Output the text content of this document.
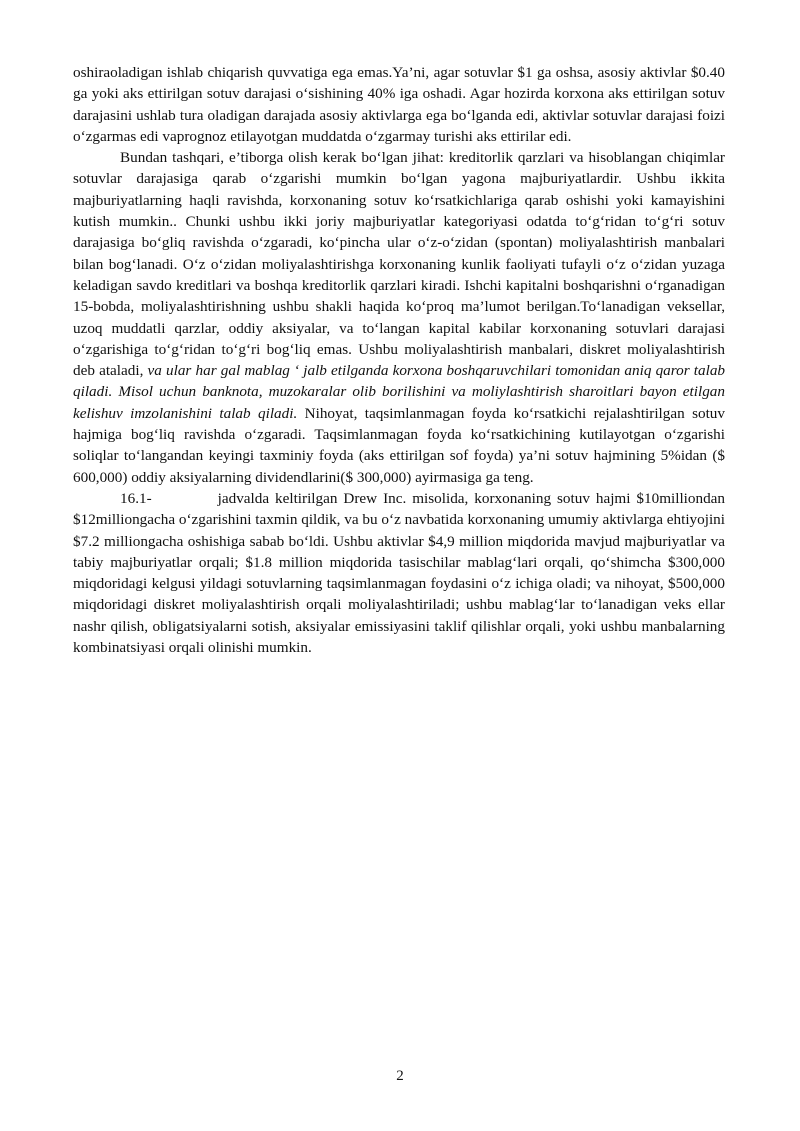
oshiraoladigan ishlab chiqarish quvvatiga ega emas.Ya’ni, agar sotuvlar $1 ga oshsa, asosiy aktivlar $0.40 ga yoki aks ettirilgan sotuv darajasi o‘sishining 40% iga oshadi. Agar hozirda korxona aks ettirilgan sotuv darajasini ushlab tura oladigan darajada asosiy aktivlarga ega bo‘lganda edi, aktivlar sotuvlar darajasi foizi o‘zgarmas edi vaprognoz etilayotgan muddatda o‘zgarmay turishi aks ettirilar edi.

Bundan tashqari, e’tiborga olish kerak bo‘lgan jihat: kreditorlik qarzlari va hisoblangan chiqimlar sotuvlar darajasiga qarab o‘zgarishi mumkin bo‘lgan yagona majburiyatlardir. Ushbu ikkita majburiyatlarning haqli ravishda, korxonaning sotuv ko‘rsatkichlariga qarab oshishi yoki kamayishini kutish mumkin.. Chunki ushbu ikki joriy majburiyatlar kategoriyasi odatda to‘g‘ridan to‘g‘ri sotuv darajasiga bo‘gliq ravishda o‘zgaradi, ko‘pincha ular o‘z-o‘zidan (spontan) moliyalashtirish manbalari bilan bog‘lanadi. O‘z o‘zidan moliyalashtirishga korxonaning kunlik faoliyati tufayli o‘z o‘zidan yuzaga keladigan savdo kreditlari va boshqa kreditorlik qarzlari kiradi. Ishchi kapitalni boshqarishni o‘rganadigan 15-bobda, moliyalashtirishning ushbu shakli haqida ko‘proq ma’lumot berilgan.To‘lanadigan veksellar, uzoq muddatli qarzlar, oddiy aksiyalar, va to‘langan kapital kabilar korxonaning sotuvlari darajasi o‘zgarishiga to‘g‘ridan to‘g‘ri bog‘liq emas. Ushbu moliyalashtirish manbalari, diskret moliyalashtirish deb ataladi, va ular har gal mablag ‘ jalb etilganda korxona boshqaruvchilari tomonidan aniq qaror talab qiladi. Misol uchun banknota, muzokaralar olib borilishini va moliylashtirish sharoitlari bayon etilgan kelishuv imzolanishini talab qiladi. Nihoyat, taqsimlanmagan foyda ko‘rsatkichi rejalashtirilgan sotuv hajmiga bog‘liq ravishda o‘zgaradi. Taqsimlanmagan foyda ko‘rsatkichining kutilayotgan o‘zgarishi soliqlar to‘langandan keyingi taxminiy foyda (aks ettirilgan sof foyda) ya’ni sotuv hajmining 5%idan ($ 600,000) oddiy aksiyalarning dividendlarini($ 300,000) ayirmasiga ga teng.

16.1-	jadvalda keltirilgan Drew Inc. misolida, korxonaning sotuv hajmi $10milliondan $12milliongacha o‘zgarishini taxmin qildik, va bu o‘z navbatida korxonaning umumiy aktivlarga ehtiyojini $7.2 milliongacha oshishiga sabab bo‘ldi. Ushbu aktivlar $4,9 million miqdorida mavjud majburiyatlar va tabiy majburiyatlar orqali; $1.8 million miqdorida tasischilar mablag‘lari orqali, qo‘shimcha $300,000 miqdoridagi kelgusi yildagi sotuvlarning taqsimlanmagan foydasini o‘z ichiga oladi; va nihoyat, $500,000 miqdoridagi diskret moliyalashtirish orqali moliyalashtiriladi; ushbu mablag‘lar to‘lanadigan veks ellar nashr qilish, obligatsiyalarni sotish, aksiyalar emissiyasini taklif qilishlar orqali, yoki ushbu manbalarning kombinatsiyasi orqali olinishi mumkin.

2
